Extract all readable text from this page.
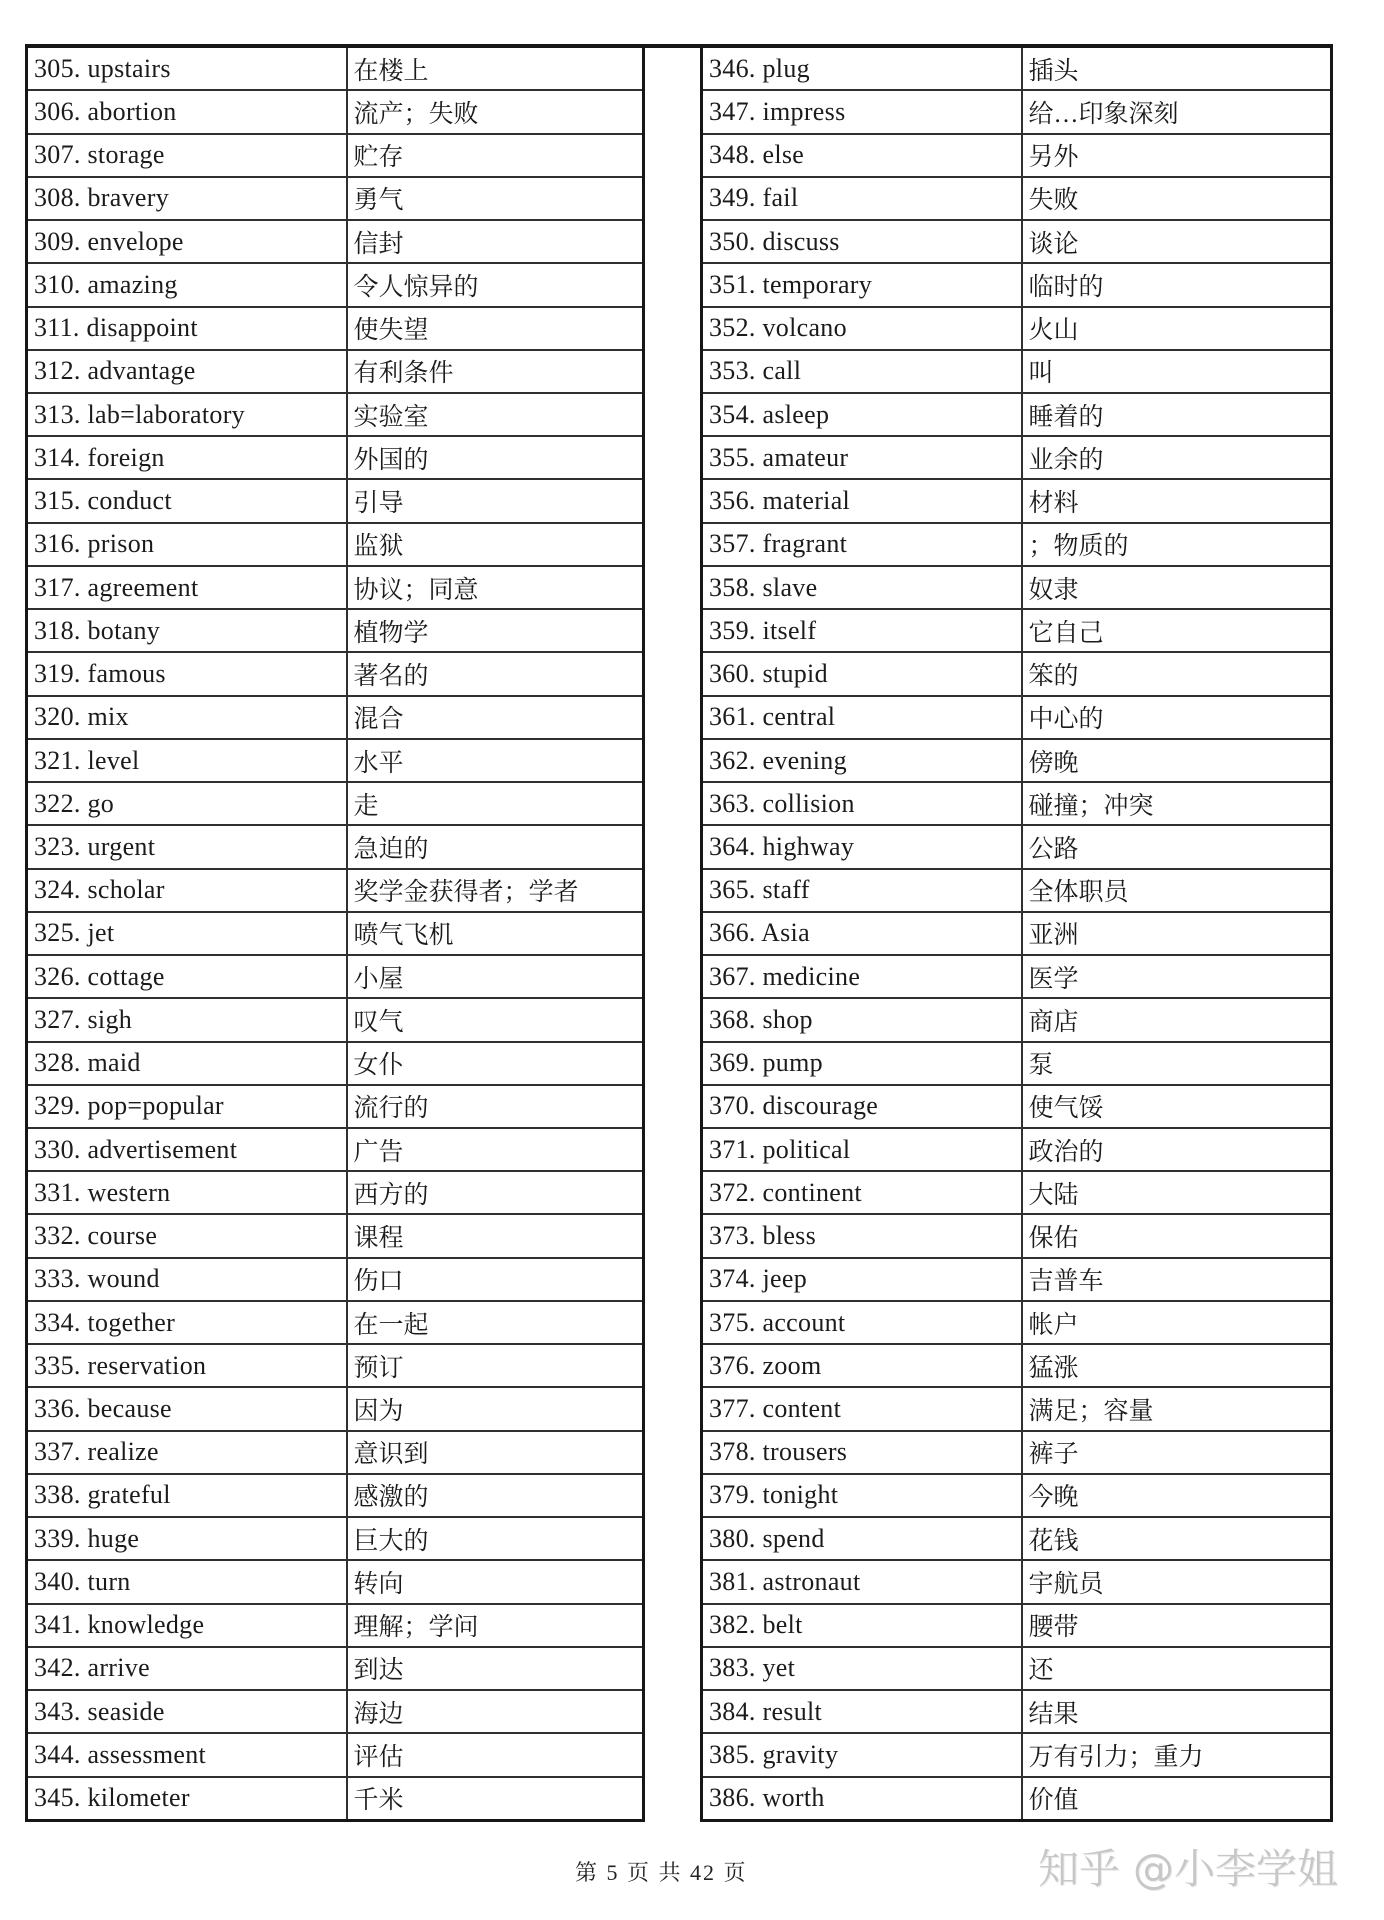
305. upstairs	在楼上
306. abortion	流产；失败
307. storage	贮存
308. bravery	勇气
309. envelope	信封
310. amazing	令人惊异的
311. disappoint	使失望
312. advantage	有利条件
313. lab=laboratory	实验室
314. foreign	外国的
315. conduct	引导
316. prison	监狱
317. agreement	协议；同意
318. botany	植物学
319. famous	著名的
320. mix	混合
321. level	水平
322. go	走
323. urgent	急迫的
324. scholar	奖学金获得者；学者
325. jet	喷气飞机
326. cottage	小屋
327. sigh	叹气
328. maid	女仆
329. pop=popular	流行的
330. advertisement	广告
331. western	西方的
332. course	课程
333. wound	伤口
334. together	在一起
335. reservation	预订
336. because	因为
337. realize	意识到
338. grateful	感激的
339. huge	巨大的
340. turn	转向
341. knowledge	理解；学问
342. arrive	到达
343. seaside	海边
344. assessment	评估
345. kilometer	千米
346. plug	插头
347. impress	给…印象深刻
348. else	另外
349. fail	失败
350. discuss	谈论
351. temporary	临时的
352. volcano	火山
353. call	叫
354. asleep	睡着的
355. amateur	业余的
356. material	材料
357. fragrant	；物质的
358. slave	奴隶
359. itself	它自己
360. stupid	笨的
361. central	中心的
362. evening	傍晚
363. collision	碰撞；冲突
364. highway	公路
365. staff	全体职员
366. Asia	亚洲
367. medicine	医学
368. shop	商店
369. pump	泵
370. discourage	使气馁
371. political	政治的
372. continent	大陆
373. bless	保佑
374. jeep	吉普车
375. account	帐户
376. zoom	猛涨
377. content	满足；容量
378. trousers	裤子
379. tonight	今晚
380. spend	花钱
381. astronaut	宇航员
382. belt	腰带
383. yet	还
384. result	结果
385. gravity	万有引力；重力
386. worth	价值
第 5 页 共 42 页	知乎 @小李学姐
